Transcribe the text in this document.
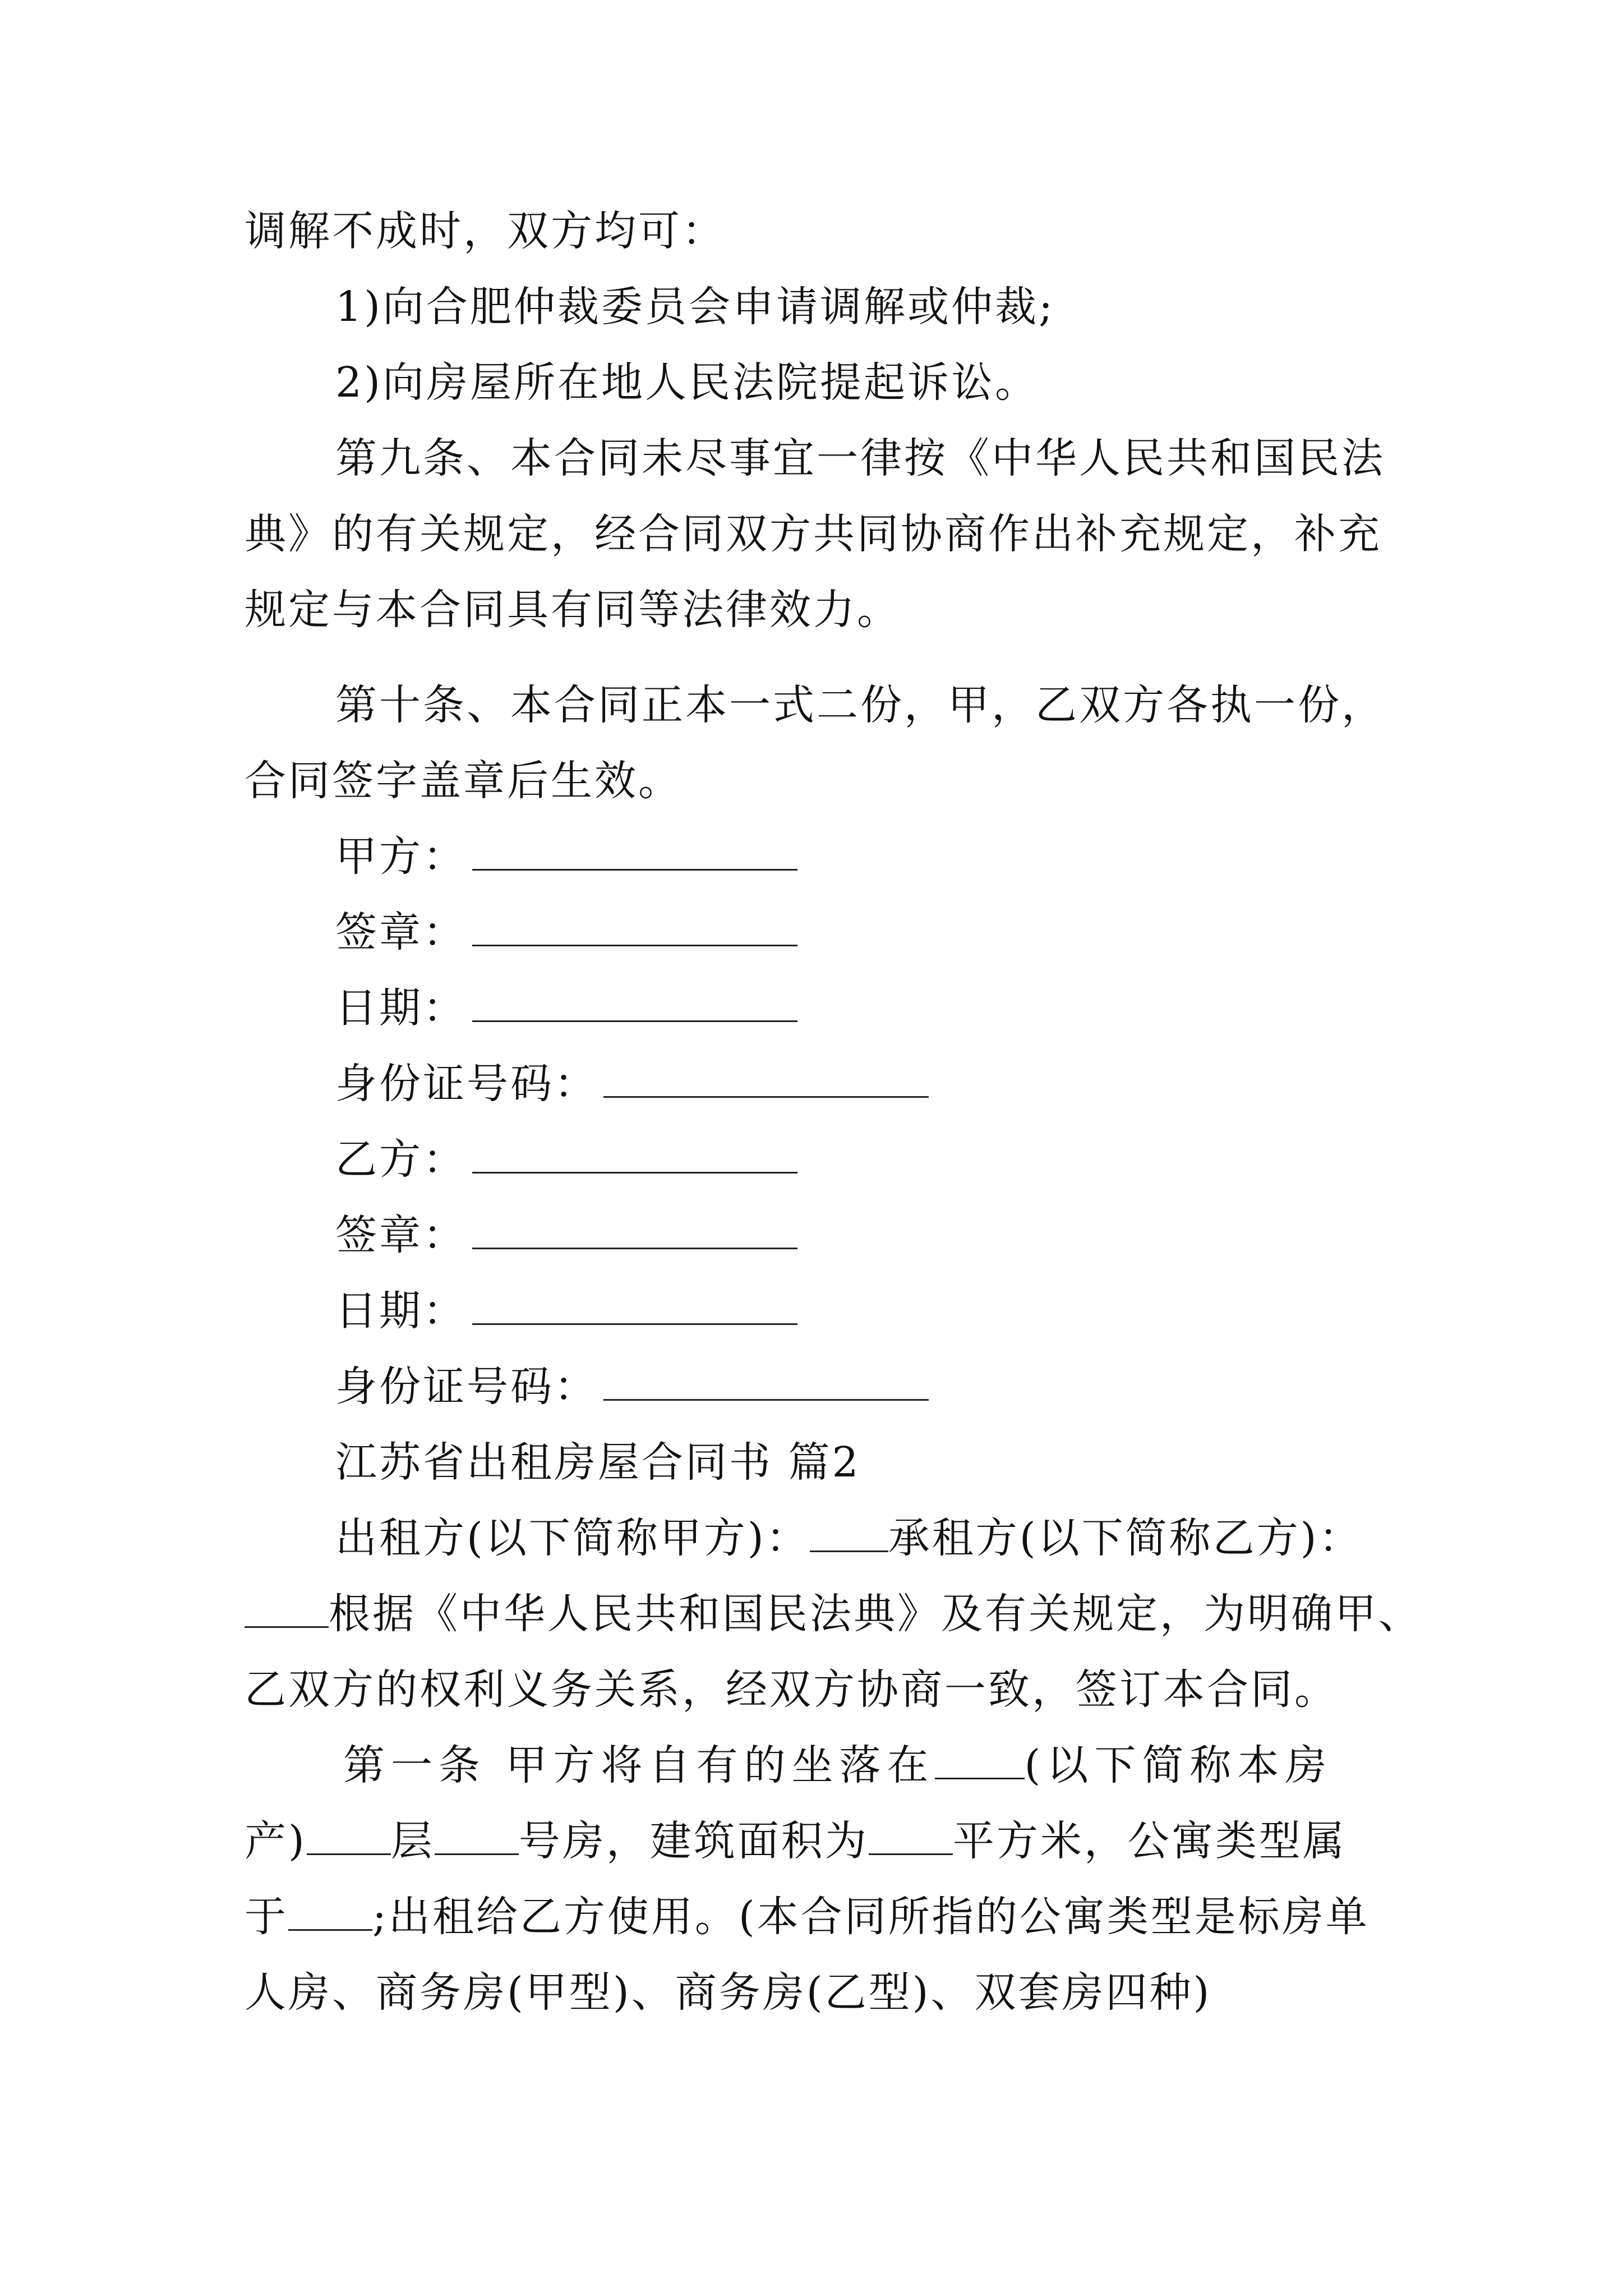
调解不成时，双方均可：
1)向合肥仲裁委员会申请调解或仲裁;
2)向房屋所在地人民法院提起诉讼。
第九条、本合同未尽事宜一律按《中华人民共和国民法
典》的有关规定，经合同双方共同协商作出补充规定，补充
规定与本合同具有同等法律效力。
第十条、本合同正本一式二份，甲，乙双方各执一份，
合同签字盖章后生效。
甲方：
签章：
日期：
身份证号码：
乙方：
签章：
日期：
身份证号码：
江苏省出租房屋合同书 篇2
出租方(以下简称甲方)： 承租方(以下简称乙方)：
根据《中华人民共和国民法典》及有关规定，为明确甲、
乙双方的权利义务关系，经双方协商一致，签订本合同。
第一条 甲方将自有的坐落在 (以下简称本房
产) 层 号房，建筑面积为 平方米，公寓类型属
于 ;出租给乙方使用。(本合同所指的公寓类型是标房单
人房、商务房(甲型)、商务房(乙型)、双套房四种)
